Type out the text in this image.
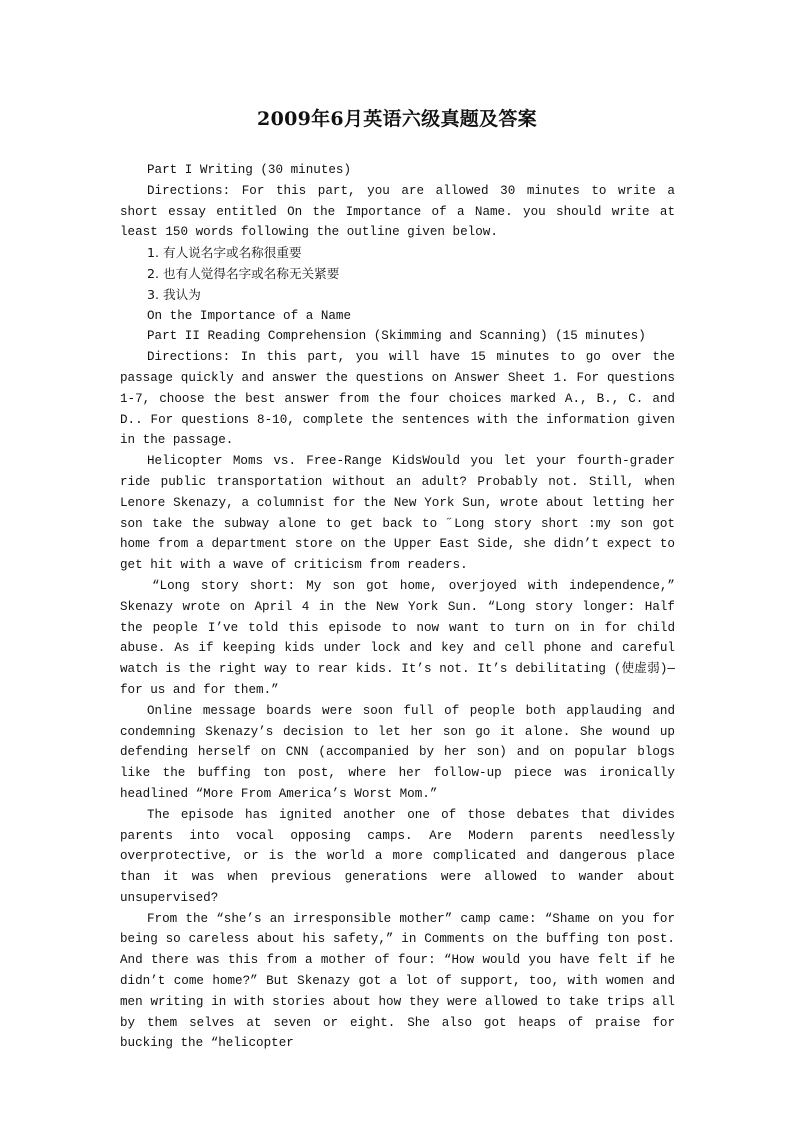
2009年6月英语六级真题及答案

Part I Writing (30 minutes)

Directions: For this part, you are allowed 30 minutes to write a short essay entitled On the Importance of a Name. you should write at least 150 words following the outline given below.

1. 有人说名字或名称很重要

2. 也有人觉得名字或名称无关紧要

3. 我认为

On the Importance of a Name

Part II Reading Comprehension (Skimming and Scanning) (15 minutes)

Directions: In this part, you will have 15 minutes to go over the passage quickly and answer the questions on Answer Sheet 1. For questions 1-7, choose the best answer from the four choices marked A., B., C. and D.. For questions 8-10, complete the sentences with the information given in the passage.

Helicopter Moms vs. Free-Range KidsWould you let your fourth-grader ride public transportation without an adult? Probably not. Still, when Lenore Skenazy, a columnist for the New York Sun, wrote about letting her son take the subway alone to get back to ˝Long story short :my son got home from a department store on the Upper East Side, she didn’t expect to get hit with a wave of criticism from readers.

“Long story short: My son got home, overjoyed with independence,” Skenazy wrote on April 4 in the New York Sun. “Long story longer: Half the people I’ve told this episode to now want to turn on in for child abuse. As if keeping kids under lock and key and cell phone and careful watch is the right way to rear kids. It’s not. It’s debilitating (使虚弱)—for us and for them.”

Online message boards were soon full of people both applauding and condemning Skenazy’s decision to let her son go it alone. She wound up defending herself on CNN (accompanied by her son) and on popular blogs like the buffing ton post, where her follow-up piece was ironically headlined “More From America’s Worst Mom.”

The episode has ignited another one of those debates that divides parents into vocal opposing camps. Are Modern parents needlessly overprotective, or is the world a more complicated and dangerous place than it was when previous generations were allowed to wander about unsupervised?

From the “she’s an irresponsible mother” camp came: “Shame on you for being so careless about his safety,” in Comments on the buffing ton post. And there was this from a mother of four: “How would you have felt if he didn’t come home?” But Skenazy got a lot of support, too, with women and men writing in with stories about how they were allowed to take trips all by them selves at seven or eight. She also got heaps of praise for bucking the “helicopter
